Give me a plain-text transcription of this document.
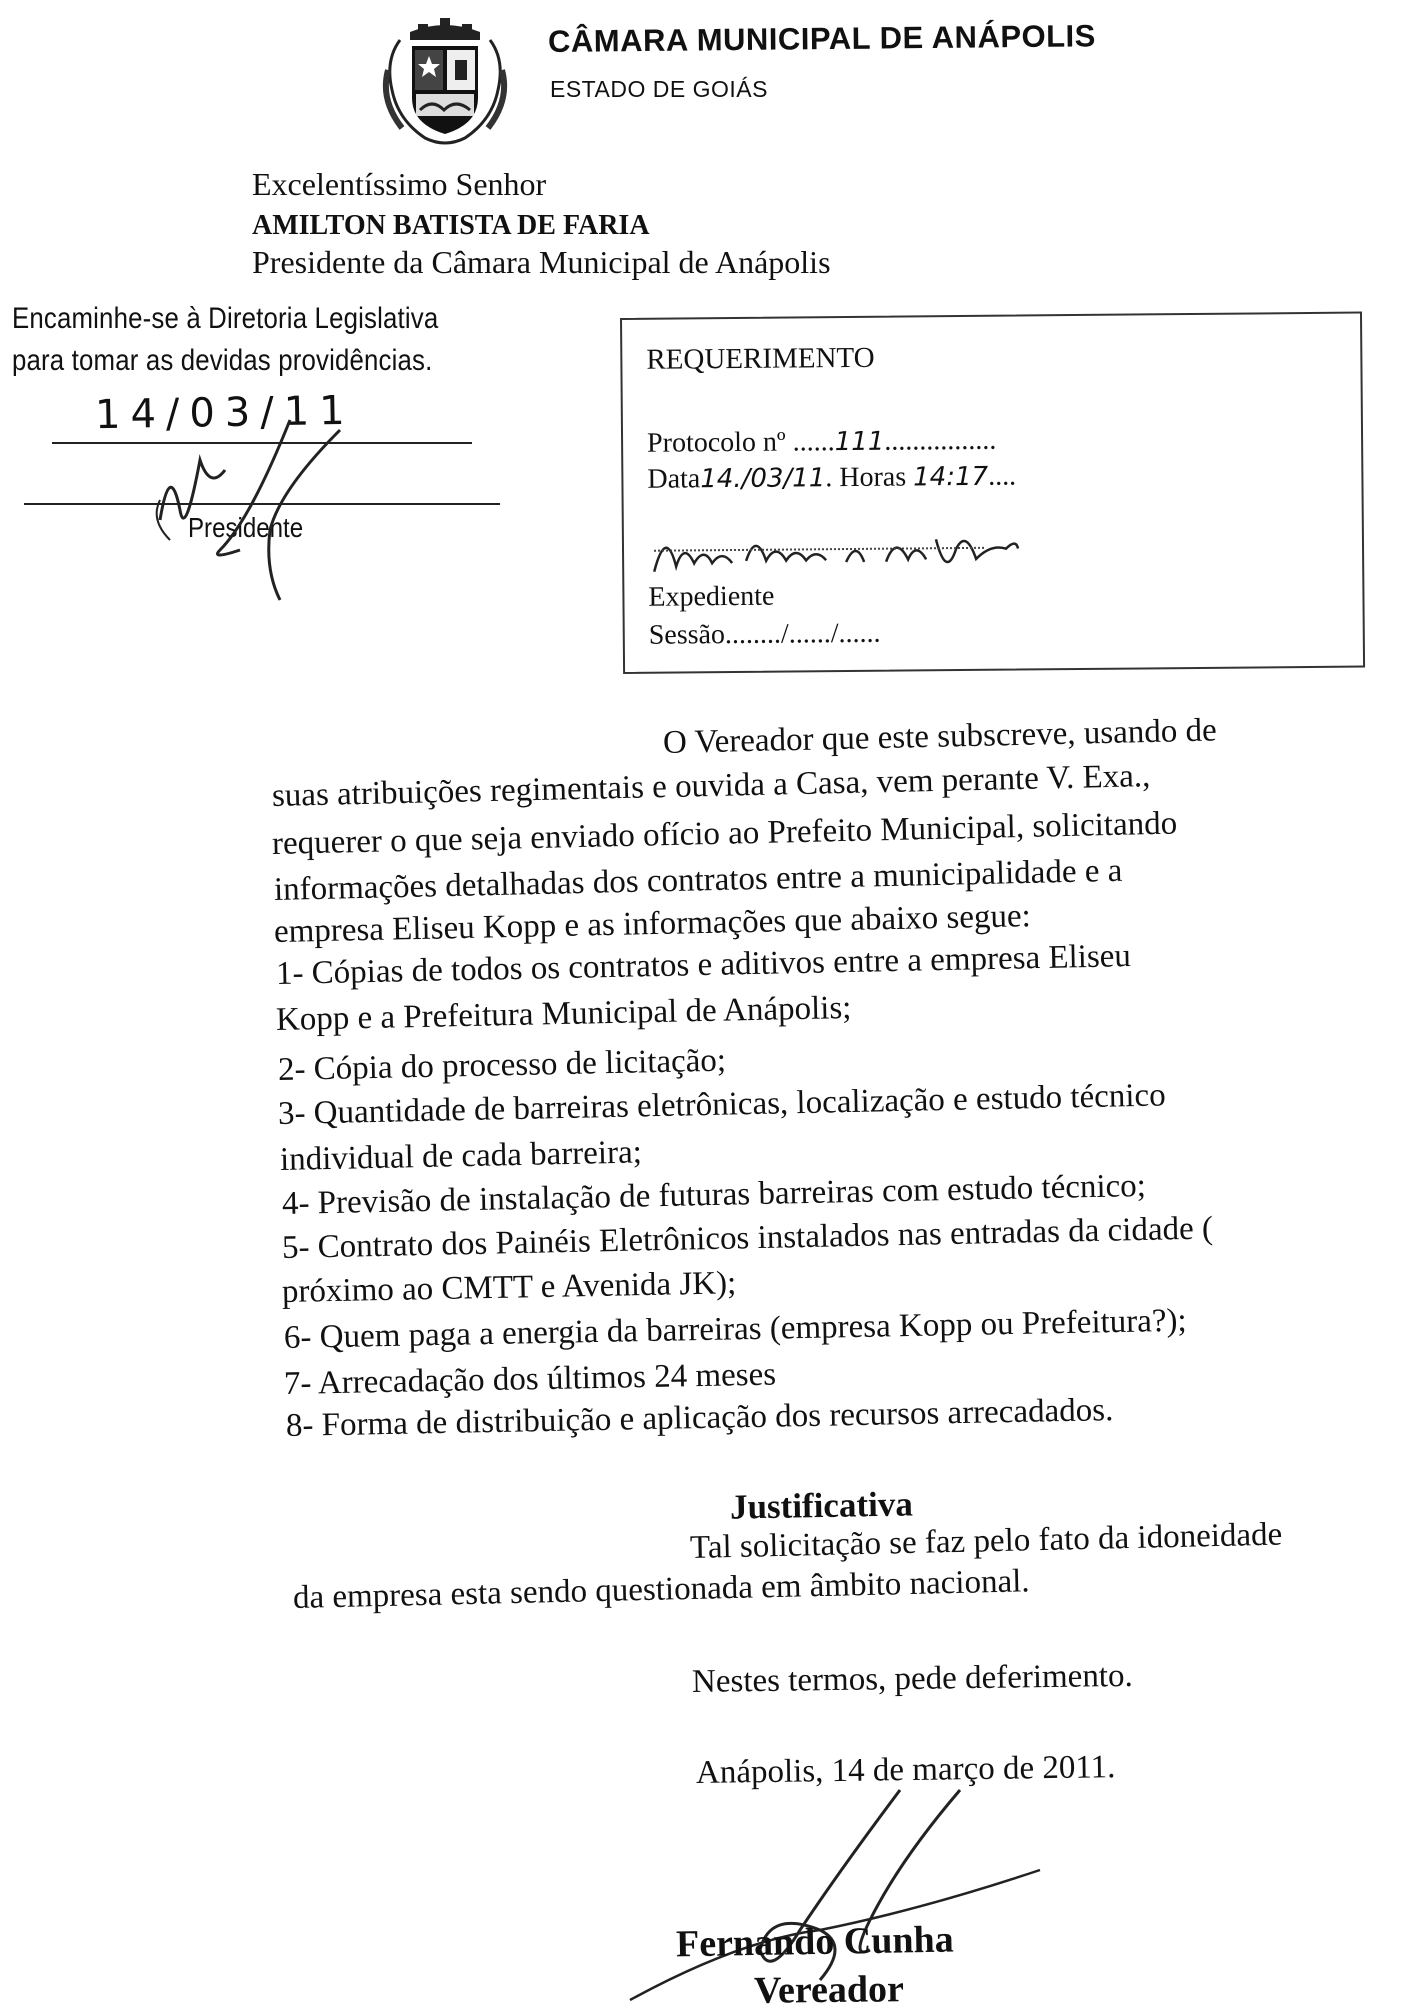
CÂMARA MUNICIPAL DE ANÁPOLIS
ESTADO DE GOIÁS
Excelentíssimo Senhor
AMILTON BATISTA DE FARIA
Presidente da Câmara Municipal de Anápolis
Encaminhe-se à Diretoria Legislativa
para tomar as devidas providências.
14/03/11
Presidente
REQUERIMENTO
Protocolo nº ......111................
Data14./03/11. Horas 14:17....
Expediente
Sessão......../....../......
O Vereador que este subscreve, usando de
suas atribuições regimentais e ouvida a Casa, vem perante V. Exa.,
requerer o que seja enviado ofício ao Prefeito Municipal, solicitando
informações detalhadas dos contratos entre a municipalidade e a
empresa Eliseu Kopp e as informações que abaixo segue:
1- Cópias de todos os contratos e aditivos entre a empresa Eliseu
Kopp e a Prefeitura Municipal de Anápolis;
2- Cópia do processo de licitação;
3- Quantidade de barreiras eletrônicas, localização e estudo técnico
individual de cada barreira;
4- Previsão de instalação de futuras barreiras com estudo técnico;
5- Contrato dos Painéis Eletrônicos instalados nas entradas da cidade (
próximo ao CMTT e Avenida JK);
6- Quem paga a energia da barreiras (empresa Kopp ou Prefeitura?);
7- Arrecadação dos últimos 24 meses
8- Forma de distribuição e aplicação dos recursos arrecadados.
Justificativa
Tal solicitação se faz pelo fato da idoneidade
da empresa esta sendo questionada em âmbito nacional.
Nestes termos, pede deferimento.
Anápolis, 14 de março de 2011.
Fernando Cunha
Vereador
